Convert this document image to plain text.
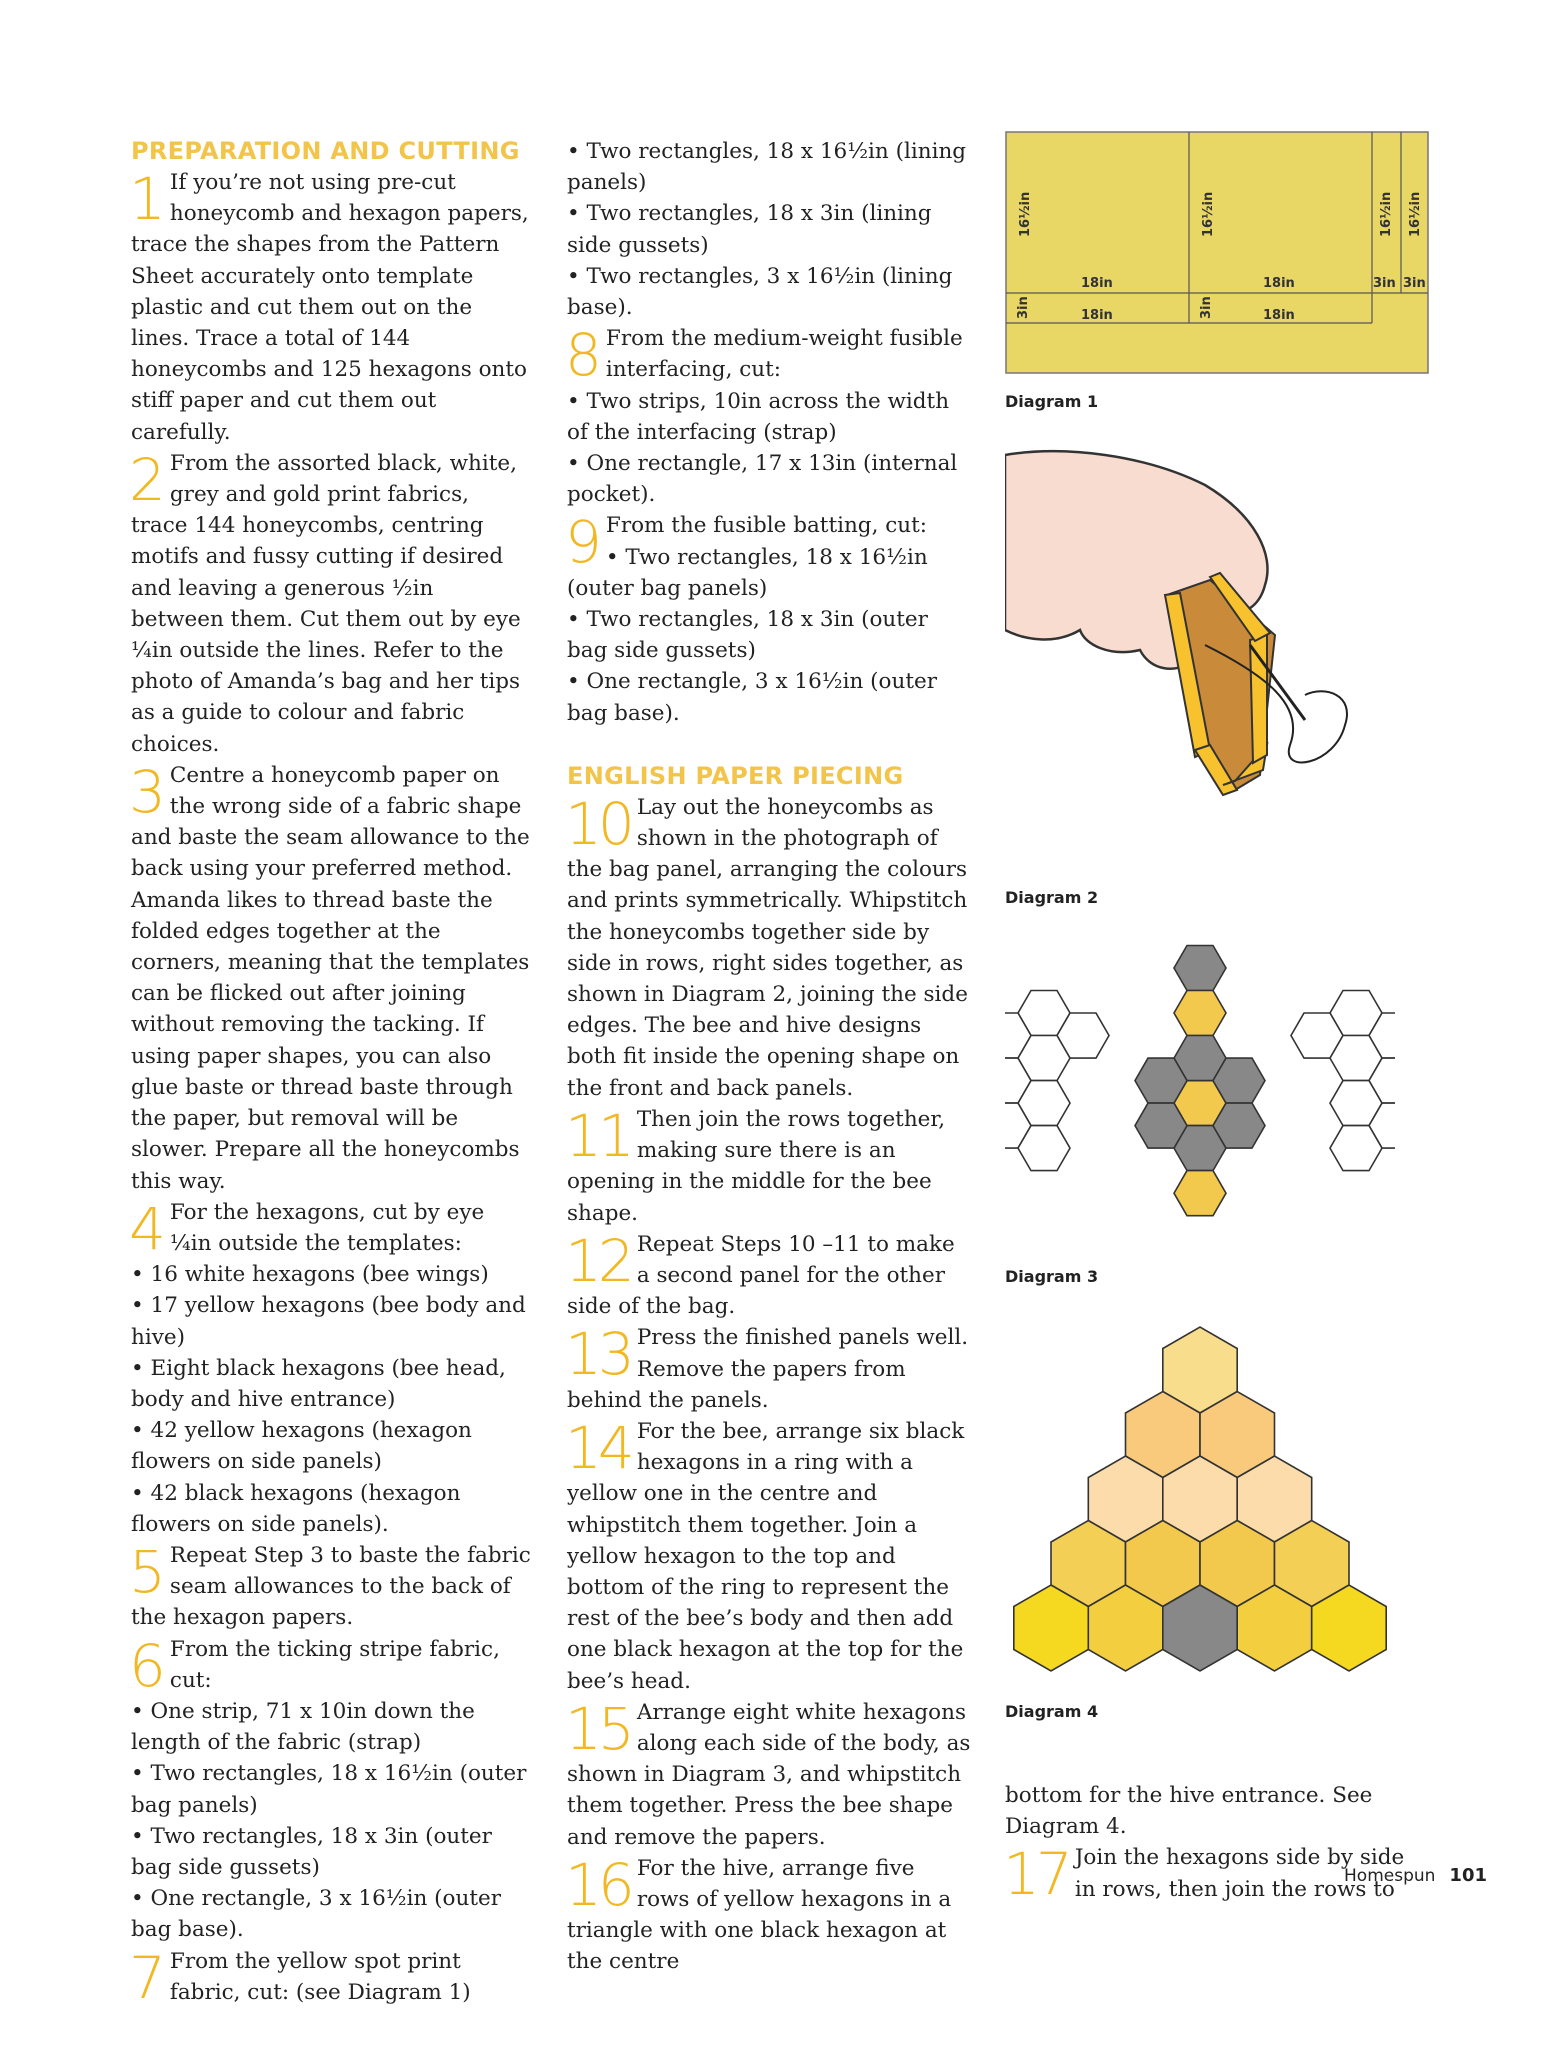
PREPARATION AND CUTTING
1 If you’re not using pre-cut honeycomb and hexagon papers, trace the shapes from the Pattern Sheet accurately onto template plastic and cut them out on the lines. Trace a total of 144 honeycombs and 125 hexagons onto stiff paper and cut them out carefully.

2 From the assorted black, white, grey and gold print fabrics, trace 144 honeycombs, centring motifs and fussy cutting if desired and leaving a generous ½in between them. Cut them out by eye ¼in outside the lines. Refer to the photo of Amanda’s bag and her tips as a guide to colour and fabric choices.

3 Centre a honeycomb paper on the wrong side of a fabric shape and baste the seam allowance to the back using your preferred method. Amanda likes to thread baste the folded edges together at the corners, meaning that the templates can be flicked out after joining without removing the tacking. If using paper shapes, you can also glue baste or thread baste through the paper, but removal will be slower. Prepare all the honeycombs this way.

4 For the hexagons, cut by eye ¼in outside the templates:

• 16 white hexagons (bee wings)

• 17 yellow hexagons (bee body and hive)

• Eight black hexagons (bee head, body and hive entrance)

• 42 yellow hexagons (hexagon flowers on side panels)

• 42 black hexagons (hexagon flowers on side panels).

5 Repeat Step 3 to baste the fabric seam allowances to the back of the hexagon papers.

6 From the ticking stripe fabric, cut:

• One strip, 71 x 10in down the length of the fabric (strap)

• Two rectangles, 18 x 16½in (outer bag panels)

• Two rectangles, 18 x 3in (outer bag side gussets)

• One rectangle, 3 x 16½in (outer bag base).

7 From the yellow spot print fabric, cut: (see Diagram 1)

• Two rectangles, 18 x 16½in (lining panels)

• Two rectangles, 18 x 3in (lining side gussets)

• Two rectangles, 3 x 16½in (lining base).

8 From the medium-weight fusible interfacing, cut:

• Two strips, 10in across the width of the interfacing (strap)

• One rectangle, 17 x 13in (internal pocket).

9 From the fusible batting, cut:

• Two rectangles, 18 x 16½in (outer bag panels)

• Two rectangles, 18 x 3in (outer bag side gussets)

• One rectangle, 3 x 16½in (outer bag base).

ENGLISH PAPER PIECING
10 Lay out the honeycombs as shown in the photograph of the bag panel, arranging the colours and prints symmetrically. Whipstitch the honeycombs together side by side in rows, right sides together, as shown in Diagram 2, joining the side edges. The bee and hive designs both fit inside the opening shape on the front and back panels.

11 Then join the rows together, making sure there is an opening in the middle for the bee shape.

12 Repeat Steps 10 –11 to make a second panel for the other side of the bag.

13 Press the finished panels well. Remove the papers from behind the panels.

14 For the bee, arrange six black hexagons in a ring with a yellow one in the centre and whipstitch them together. Join a yellow hexagon to the top and bottom of the ring to represent the rest of the bee’s body and then add one black hexagon at the top for the bee’s head.

15 Arrange eight white hexagons along each side of the body, as shown in Diagram 3, and whipstitch them together. Press the bee shape and remove the papers.

16 For the hive, arrange five rows of yellow hexagons in a triangle with one black hexagon at the centre

bottom for the hive entrance. See Diagram 4.

17 Join the hexagons side by side in rows, then join the rows to

16½in	16½in	16½in 16½in
18in	18in	3in 3in
18in	18in
3in	3in
Diagram 1
Diagram 2
Diagram 3
Diagram 4
Homespun 101
